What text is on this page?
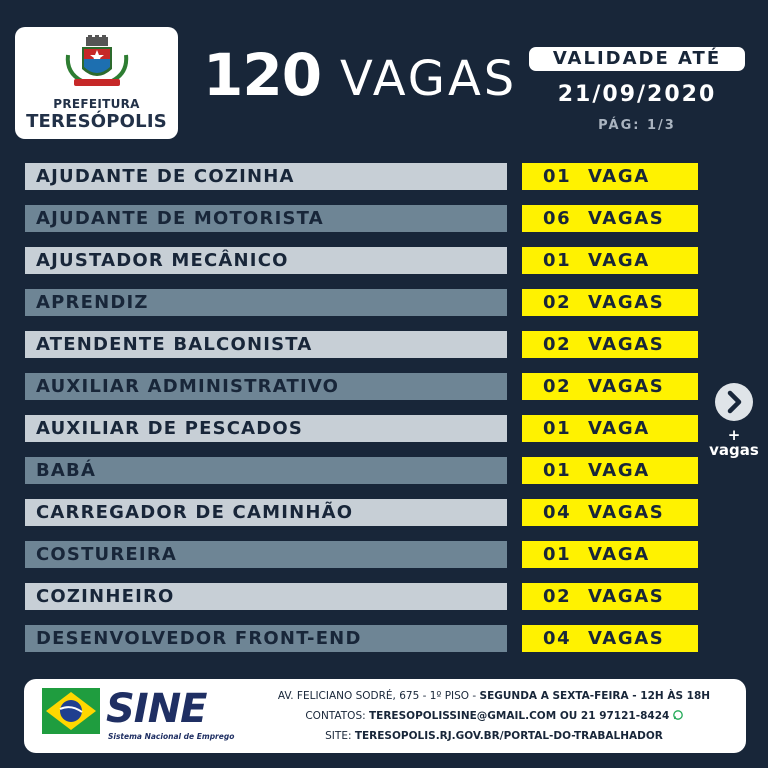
PREFEITURA
TERESÓPOLIS
120 VAGAS	VALIDADE ATÉ
21/09/2020
PÁG: 1/3
AJUDANTE DE COZINHA	01 VAGA
AJUDANTE DE MOTORISTA	06 VAGAS
AJUSTADOR MECÂNICO	01 VAGA
APRENDIZ	02 VAGAS
ATENDENTE BALCONISTA	02 VAGAS
AUXILIAR ADMINISTRATIVO	02 VAGAS
AUXILIAR DE PESCADOS	01 VAGA
BABÁ	01 VAGA
CARREGADOR DE CAMINHÃO	04 VAGAS
COSTUREIRA	01 VAGA
COZINHEIRO	02 VAGAS
DESENVOLVEDOR FRONT-END	04 VAGAS
+
vagas
SINE
Sistema Nacional de Emprego
AV. FELICIANO SODRÉ, 675 - 1º PISO - SEGUNDA A SEXTA-FEIRA - 12H ÀS 18H
CONTATOS: TERESOPOLISSINE@GMAIL.COM OU 21 97121-8424
SITE: TERESOPOLIS.RJ.GOV.BR/PORTAL-DO-TRABALHADOR
